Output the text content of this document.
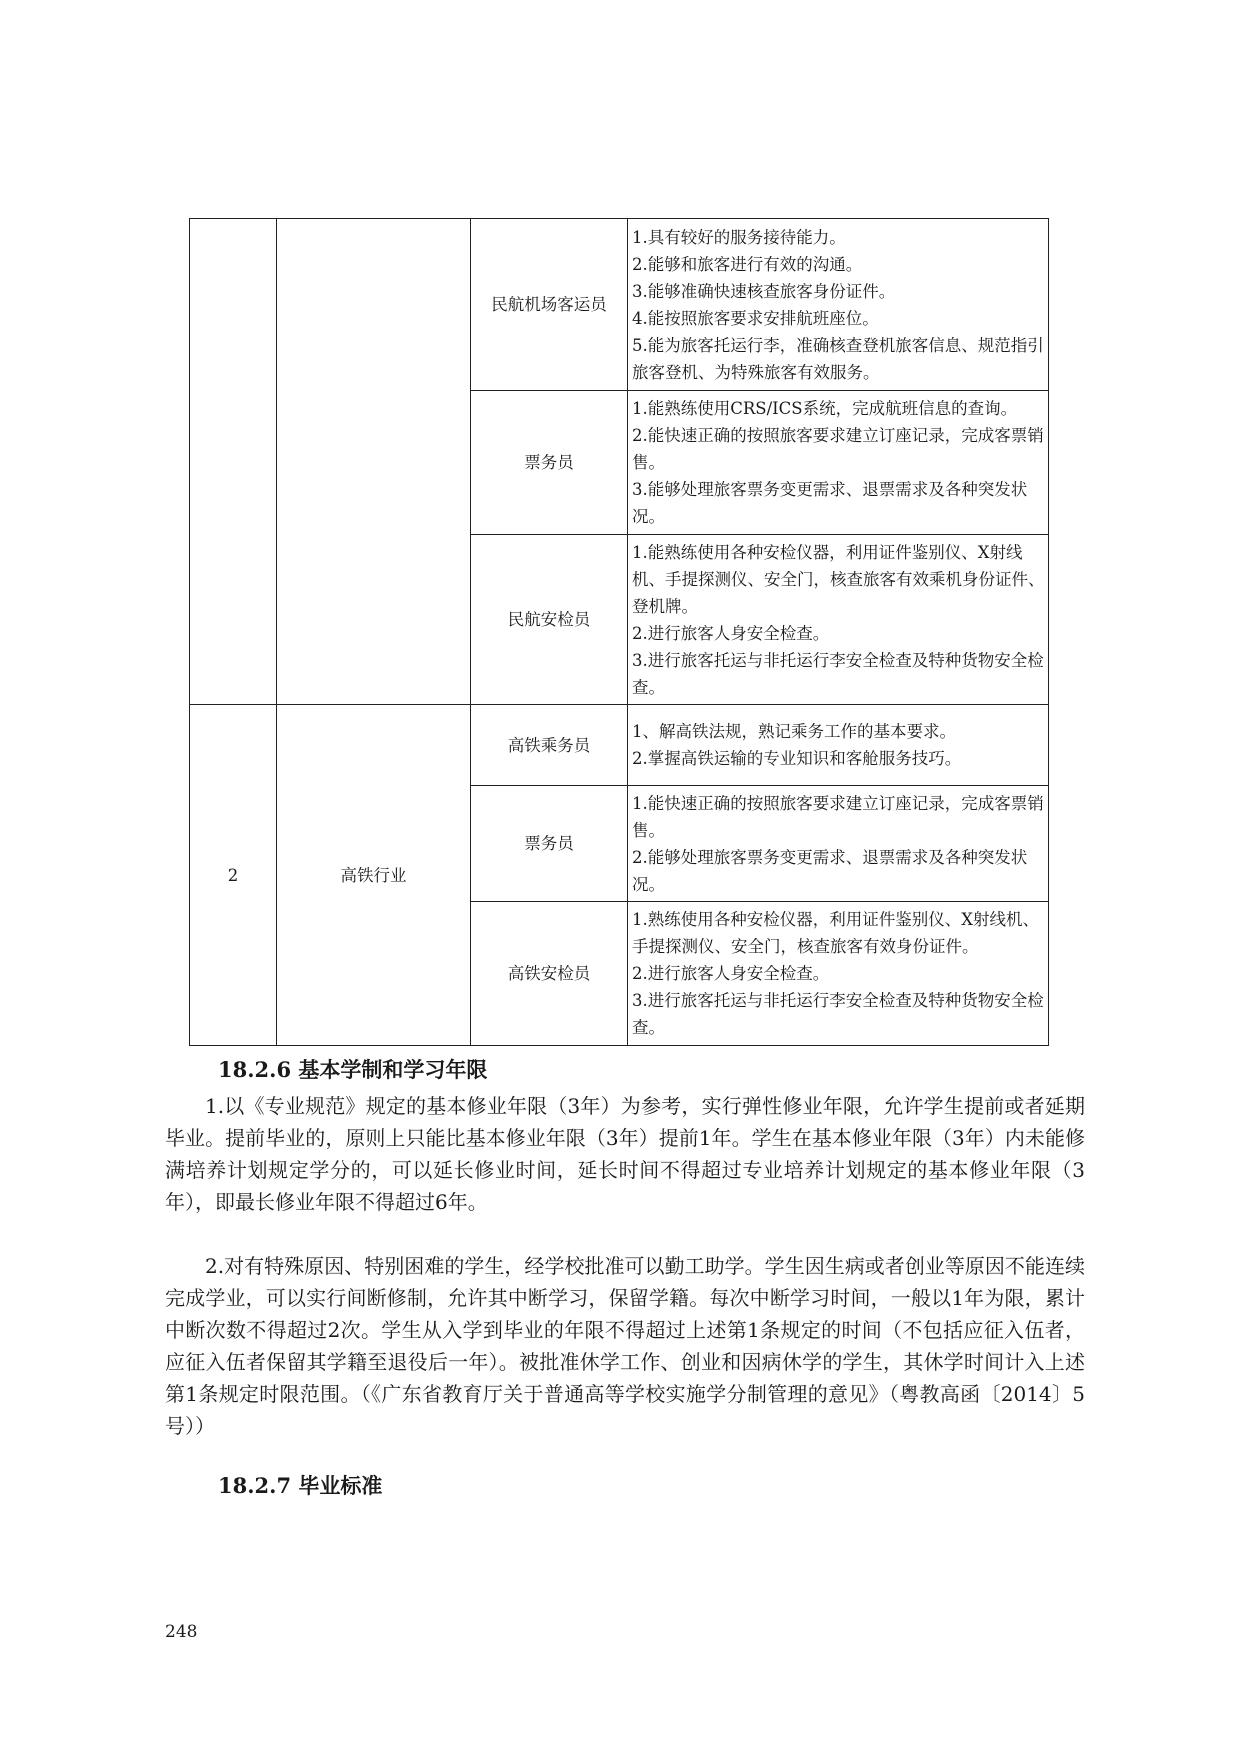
		民航机场客运员	1.具有较好的服务接待能力。

2.能够和旅客进行有效的沟通。

3.能够准确快速核查旅客身份证件。

4.能按照旅客要求安排航班座位。

5.能为旅客托运行李，准确核查登机旅客信息、规范指引旅客登机、为特殊旅客有效服务。

		票务员	1.能熟练使用CRS/ICS系统，完成航班信息的查询。

2.能快速正确的按照旅客要求建立订座记录，完成客票销售。

3.能够处理旅客票务变更需求、退票需求及各种突发状况。

		民航安检员	1.能熟练使用各种安检仪器，利用证件鉴别仪、X射线机、手提探测仪、安全门，核查旅客有效乘机身份证件、登机牌。

2.进行旅客人身安全检查。

3.进行旅客托运与非托运行李安全检查及特种货物安全检查。

2	高铁行业	高铁乘务员	1、解高铁法规，熟记乘务工作的基本要求。

2.掌握高铁运输的专业知识和客舱服务技巧。

		票务员	1.能快速正确的按照旅客要求建立订座记录，完成客票销售。

2.能够处理旅客票务变更需求、退票需求及各种突发状况。

		高铁安检员	1.熟练使用各种安检仪器，利用证件鉴别仪、X射线机、手提探测仪、安全门，核查旅客有效身份证件。

2.进行旅客人身安全检查。

3.进行旅客托运与非托运行李安全检查及特种货物安全检查。

18.2.6 基本学制和学习年限

1.以《专业规范》规定的基本修业年限（3年）为参考，实行弹性修业年限，允许学生提前或者延期毕业。提前毕业的，原则上只能比基本修业年限（3年）提前1年。学生在基本修业年限（3年）内未能修满培养计划规定学分的，可以延长修业时间，延长时间不得超过专业培养计划规定的基本修业年限（3年），即最长修业年限不得超过6年。

2.对有特殊原因、特别困难的学生，经学校批准可以勤工助学。学生因生病或者创业等原因不能连续完成学业，可以实行间断修制，允许其中断学习，保留学籍。每次中断学习时间，一般以1年为限，累计中断次数不得超过2次。学生从入学到毕业的年限不得超过上述第1条规定的时间（不包括应征入伍者，应征入伍者保留其学籍至退役后一年）。被批准休学工作、创业和因病休学的学生，其休学时间计入上述第1条规定时限范围。（《广东省教育厅关于普通高等学校实施学分制管理的意见》（粤教高函〔2014〕5号））

18.2.7 毕业标准
248
